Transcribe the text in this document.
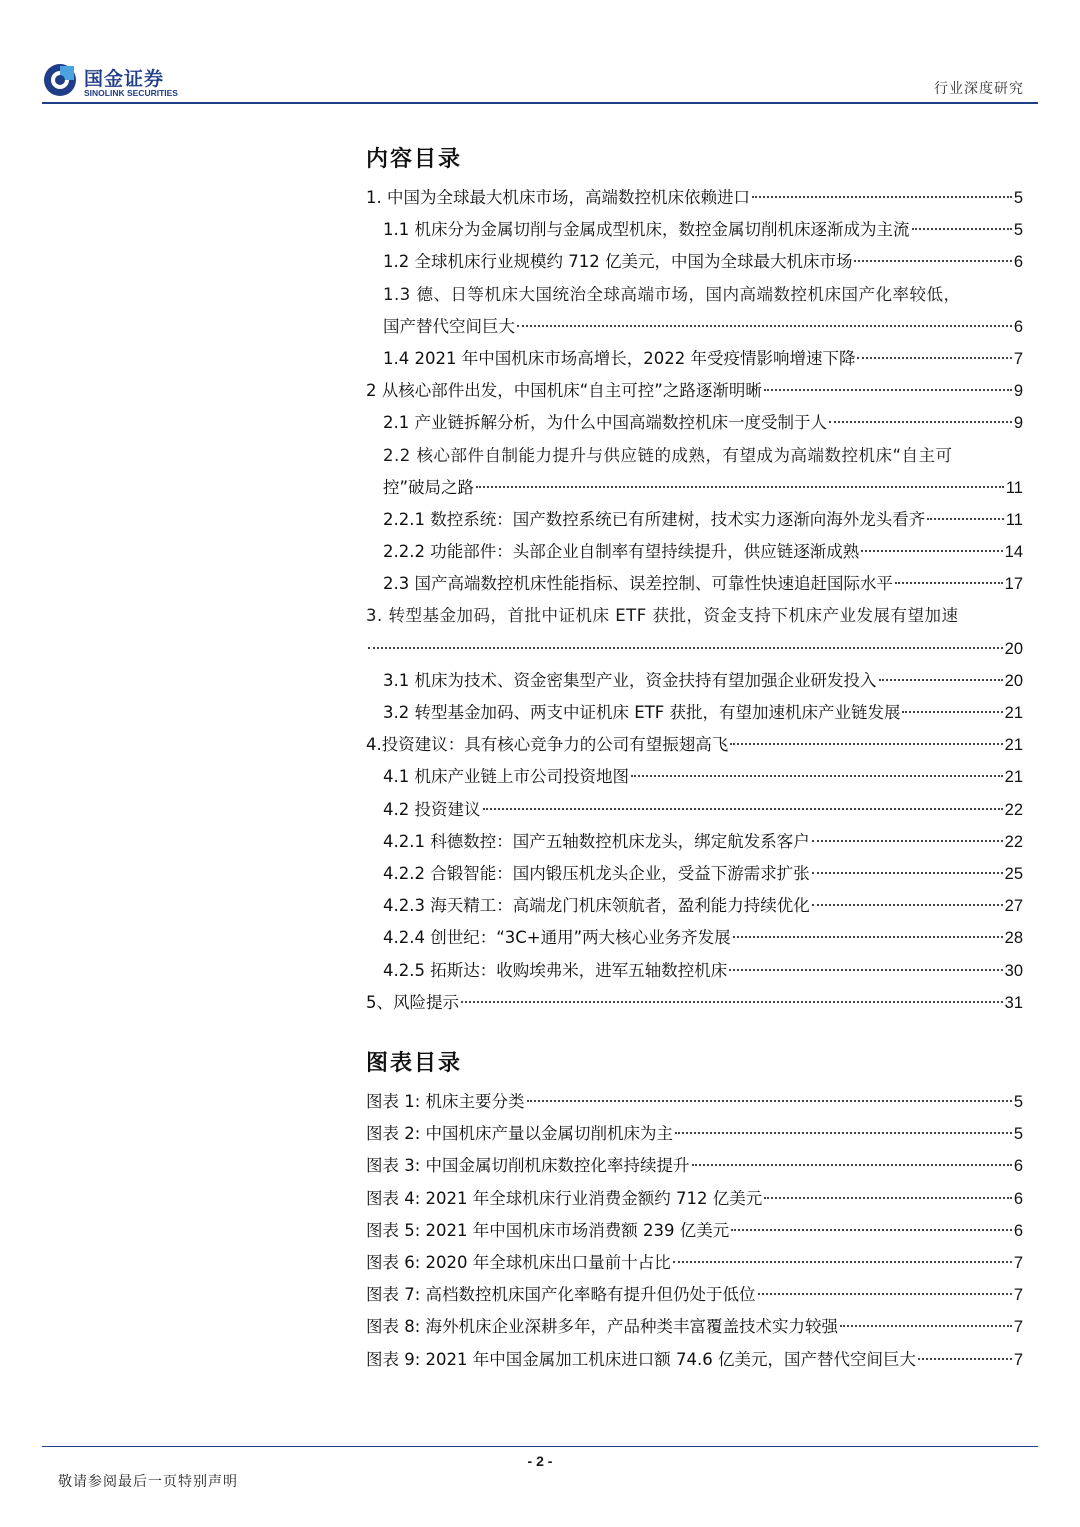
国金证券
SINOLINK SECURITIES	行业深度研究
内容目录
1. 中国为全球最大机床市场，高端数控机床依赖进口	5
1.1 机床分为金属切削与金属成型机床，数控金属切削机床逐渐成为主流	5
1.2 全球机床行业规模约 712 亿美元，中国为全球最大机床市场	6
1.3 德、日等机床大国统治全球高端市场，国内高端数控机床国产化率较低，
国产替代空间巨大	6
1.4 2021 年中国机床市场高增长，2022 年受疫情影响增速下降	7
2 从核心部件出发，中国机床“自主可控”之路逐渐明晰	9
2.1 产业链拆解分析，为什么中国高端数控机床一度受制于人	9
2.2 核心部件自制能力提升与供应链的成熟，有望成为高端数控机床“自主可
控”破局之路	11
2.2.1 数控系统：国产数控系统已有所建树，技术实力逐渐向海外龙头看齐	11
2.2.2 功能部件：头部企业自制率有望持续提升，供应链逐渐成熟	14
2.3 国产高端数控机床性能指标、误差控制、可靠性快速追赶国际水平	17
3. 转型基金加码，首批中证机床 ETF 获批，资金支持下机床产业发展有望加速
20
3.1 机床为技术、资金密集型产业，资金扶持有望加强企业研发投入	20
3.2 转型基金加码、两支中证机床 ETF 获批，有望加速机床产业链发展	21
4.投资建议：具有核心竞争力的公司有望振翅高飞	21
4.1 机床产业链上市公司投资地图	21
4.2 投资建议	22
4.2.1 科德数控：国产五轴数控机床龙头，绑定航发系客户	22
4.2.2 合锻智能：国内锻压机龙头企业，受益下游需求扩张	25
4.2.3 海天精工：高端龙门机床领航者，盈利能力持续优化	27
4.2.4 创世纪：“3C+通用”两大核心业务齐发展	28
4.2.5 拓斯达：收购埃弗米，进军五轴数控机床	30
5、风险提示	31
图表目录
图表 1: 机床主要分类	5
图表 2: 中国机床产量以金属切削机床为主	5
图表 3: 中国金属切削机床数控化率持续提升	6
图表 4: 2021 年全球机床行业消费金额约 712 亿美元	6
图表 5: 2021 年中国机床市场消费额 239 亿美元	6
图表 6: 2020 年全球机床出口量前十占比	7
图表 7: 高档数控机床国产化率略有提升但仍处于低位	7
图表 8: 海外机床企业深耕多年，产品种类丰富覆盖技术实力较强	7
图表 9: 2021 年中国金属加工机床进口额 74.6 亿美元，国产替代空间巨大	7
- 2 -
敬请参阅最后一页特别声明
